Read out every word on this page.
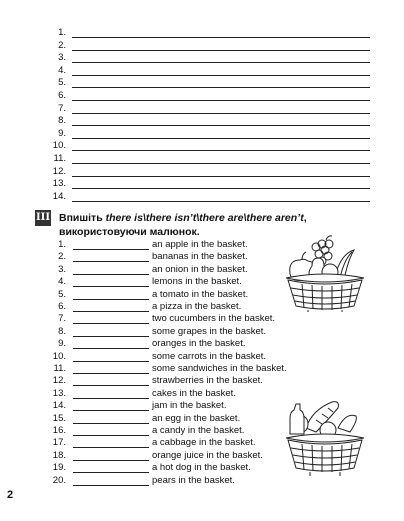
1.
2.
3.
4.
5.
6.
7.
8.
9.
10.
11.
12.
13.
14.
III Впишіть there is\there isn’t\there are\there aren’t, використовуючи малюнок.
1.	an apple in the basket.
2.	bananas in the basket.
3.	an onion in the basket.
4.	lemons in the basket.
5.	a tomato in the basket.
6.	a pizza in the basket.
7.	two cucumbers in the basket.
8.	some grapes in the basket.
9.	oranges in the basket.
10.	some carrots in the basket.
11.	some sandwiches in the basket.
12.	strawberries in the basket.
13.	cakes in the basket.
14.	jam in the basket.
15.	an egg in the basket.
16.	a candy in the basket.
17.	a cabbage in the basket.
18.	orange juice in the basket.
19.	a hot dog in the basket.
20.	pears in the basket.
2
